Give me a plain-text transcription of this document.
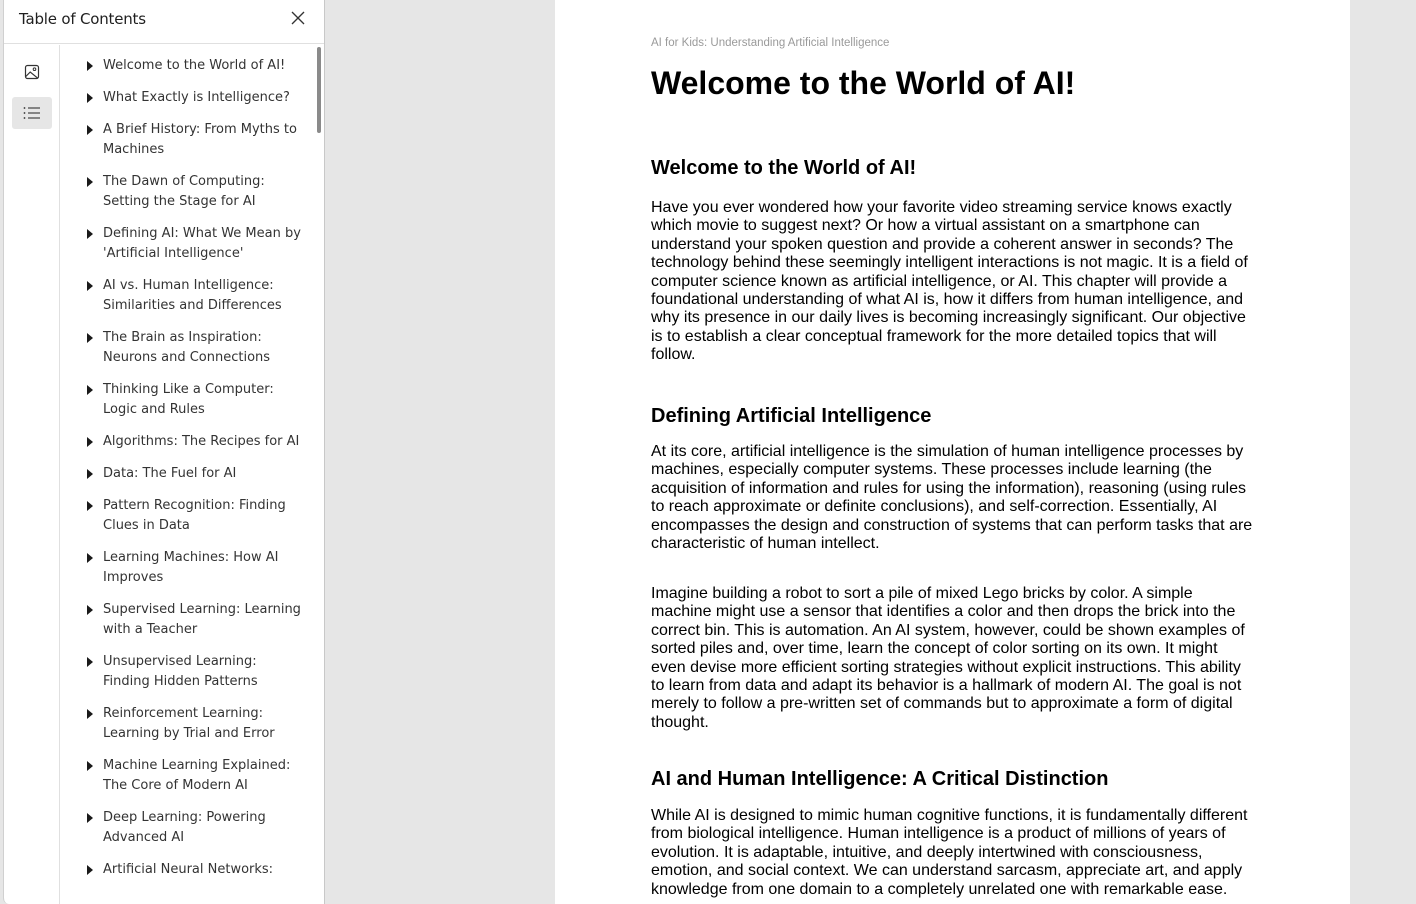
Table of Contents
Welcome to the World of AI!
What Exactly is Intelligence?
A Brief History: From Myths to Machines
The Dawn of Computing: Setting the Stage for AI
Defining AI: What We Mean by 'Artificial Intelligence'
AI vs. Human Intelligence: Similarities and Differences
The Brain as Inspiration: Neurons and Connections
Thinking Like a Computer: Logic and Rules
Algorithms: The Recipes for AI
Data: The Fuel for AI
Pattern Recognition: Finding Clues in Data
Learning Machines: How AI Improves
Supervised Learning: Learning with a Teacher
Unsupervised Learning: Finding Hidden Patterns
Reinforcement Learning: Learning by Trial and Error
Machine Learning Explained: The Core of Modern AI
Deep Learning: Powering Advanced AI
Artificial Neural Networks:
AI for Kids: Understanding Artificial Intelligence
Welcome to the World of AI!
Welcome to the World of AI!

Have you ever wondered how your favorite video streaming service knows exactly which movie to suggest next? Or how a virtual assistant on a smartphone can understand your spoken question and provide a coherent answer in seconds? The technology behind these seemingly intelligent interactions is not magic. It is a field of computer science known as artificial intelligence, or AI. This chapter will provide a foundational understanding of what AI is, how it differs from human intelligence, and why its presence in our daily lives is becoming increasingly significant. Our objective is to establish a clear conceptual framework for the more detailed topics that will follow.

Defining Artificial Intelligence

At its core, artificial intelligence is the simulation of human intelligence processes by machines, especially computer systems. These processes include learning (the acquisition of information and rules for using the information), reasoning (using rules to reach approximate or definite conclusions), and self-correction. Essentially, AI encompasses the design and construction of systems that can perform tasks that are characteristic of human intellect.

Imagine building a robot to sort a pile of mixed Lego bricks by color. A simple machine might use a sensor that identifies a color and then drops the brick into the correct bin. This is automation. An AI system, however, could be shown examples of sorted piles and, over time, learn the concept of color sorting on its own. It might even devise more efficient sorting strategies without explicit instructions. This ability to learn from data and adapt its behavior is a hallmark of modern AI. The goal is not merely to follow a pre-written set of commands but to approximate a form of digital thought.

AI and Human Intelligence: A Critical Distinction

While AI is designed to mimic human cognitive functions, it is fundamentally different from biological intelligence. Human intelligence is a product of millions of years of evolution. It is adaptable, intuitive, and deeply intertwined with consciousness, emotion, and social context. We can understand sarcasm, appreciate art, and apply knowledge from one domain to a completely unrelated one with remarkable ease.
